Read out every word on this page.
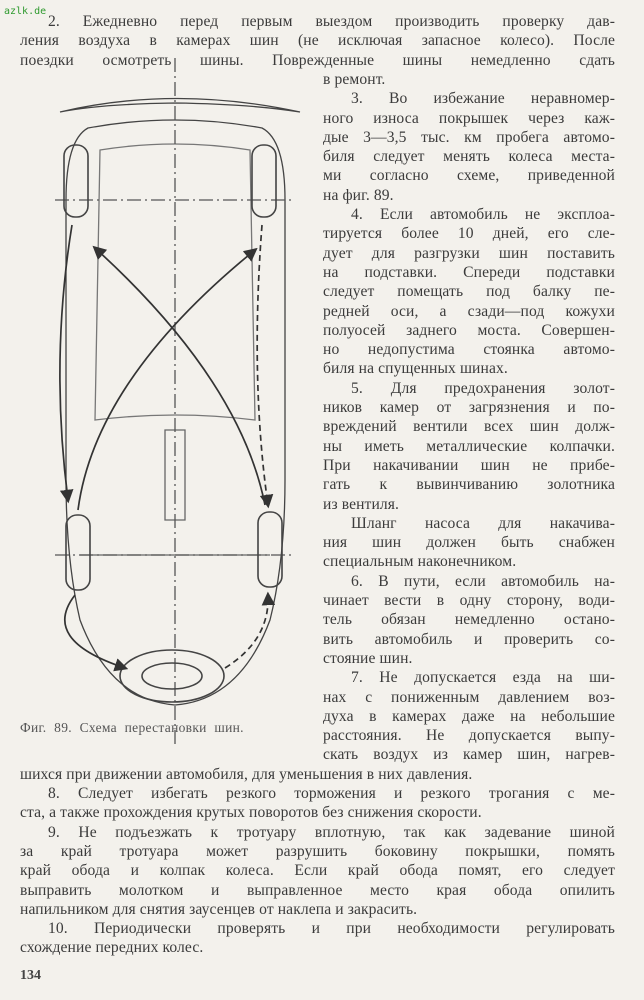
azlk.de
Фиг. 89. Схема перестановки шин.
2. Ежедневно перед первым выездом производить проверку дав-
ления воздуха в камерах шин (не исключая запасное колесо). После
поездки осмотреть шины. Поврежденные шины немедленно сдать
в ремонт.
3. Во избежание неравномер-
ного износа покрышек через каж-
дые 3—3,5 тыс. км пробега автомо-
биля следует менять колеса места-
ми согласно схеме, приведенной
на фиг. 89.
4. Если автомобиль не эксплоа-
тируется более 10 дней, его сле-
дует для разгрузки шин поставить
на подставки. Спереди подставки
следует помещать под балку пе-
редней оси, а сзади—под кожухи
полуосей заднего моста. Совершен-
но недопустима стоянка автомо-
биля на спущенных шинах.
5. Для предохранения золот-
ников камер от загрязнения и по-
вреждений вентили всех шин долж-
ны иметь металлические колпачки.
При накачивании шин не прибе-
гать к вывинчиванию золотника
из вентиля.
Шланг насоса для накачива-
ния шин должен быть снабжен
специальным наконечником.
6. В пути, если автомобиль на-
чинает вести в одну сторону, води-
тель обязан немедленно остано-
вить автомобиль и проверить со-
стояние шин.
7. Не допускается езда на ши-
нах с пониженным давлением воз-
духа в камерах даже на небольшие
расстояния. Не допускается выпу-
скать воздух из камер шин, нагрев-
шихся при движении автомобиля, для уменьшения в них давления.
8. Следует избегать резкого торможения и резкого трогания с ме-
ста, а также прохождения крутых поворотов без снижения скорости.
9. Не подъезжать к тротуару вплотную, так как задевание шиной
за край тротуара может разрушить боковину покрышки, помять
край обода и колпак колеса. Если край обода помят, его следует
выправить молотком и выправленное место края обода опилить
напильником для снятия заусенцев от наклепа и закрасить.
10. Периодически проверять и при необходимости регулировать
схождение передних колес.
134
